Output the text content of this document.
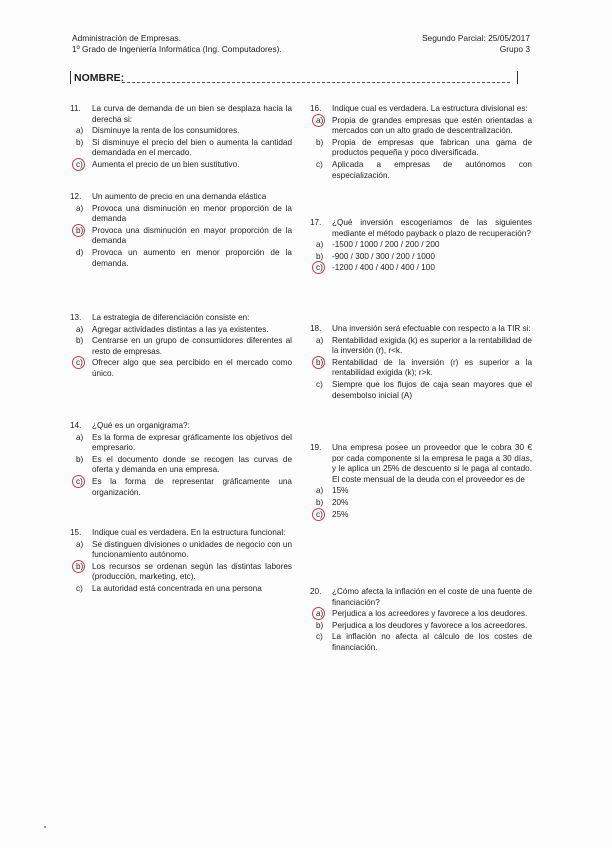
Administración de Empresas.
1º Grado de Ingeniería Informática (Ing. Computadores).
Segundo Parcial: 25/05/2017
Grupo 3
NOMBRE:
11.	La curva de demanda de un bien se desplaza hacia la derecha si:
a)	Disminuye la renta de los consumidores.
b)	Si disminuye el precio del bien o aumenta la cantidad demandada en el mercado.
c)	Aumenta el precio de un bien sustitutivo.
12.	Un aumento de precio en una demanda elástica
a)	Provoca una disminución en menor proporción de la demanda
b)	Provoca una disminución en mayor proporción de la demanda
d)	Provoca un aumento en menor proporción de la demanda.
13.	La estrategia de diferenciación consiste en:
a)	Agregar actividades distintas a las ya existentes.
b)	Centrarse en un grupo de consumidores diferentes al resto de empresas.
c)	Ofrecer algo que sea percibido en el mercado como único.
14.	¿Qué es un organigrama?:
a)	Es la forma de expresar gráficamente los objetivos del empresario.
b)	Es el documento donde se recogen las curvas de oferta y demanda en una empresa.
c)	Es la forma de representar gráficamente una organización.
15.	Indique cual es verdadera. En la estructura funcional:
a)	Se distinguen divisiones o unidades de negocio con un funcionamiento autónomo.
b)	Los recursos se ordenan según las distintas labores (producción, marketing, etc).
c)	La autoridad está concentrada en una persona
16.	Indique cual es verdadera. La estructura divisional es:
a)	Propia de grandes empresas que estén orientadas a mercados con un alto grado de descentralización.
b)	Propia de empresas que fabrican una gama de productos pequeña y poco diversificada.
c)	Aplicada a empresas de autónomos con especialización.
17.	¿Qué inversión escogeríamos de las siguientes mediante el método payback o plazo de recuperación?
a)	-1500 / 1000 / 200 / 200 / 200
b)	-900 / 300 / 300 / 200 / 1000
c)	-1200 / 400 / 400 / 400 / 100
18.	Una inversión será efectuable con respecto a la TIR si:
a)	Rentabilidad exigida (k) es superior a la rentabilidad de la inversión (r), r<k.
b)	Rentabilidad de la inversión (r) es superior a la rentabilidad exigida (k); r>k.
c)	Siempre que los flujos de caja sean mayores que el desembolso inicial (A)
19.	Una empresa posee un proveedor que le cobra 30 € por cada componente si la empresa le paga a 30 días, y le aplica un 25% de descuento si le paga al contado. El coste mensual de la deuda con el proveedor es de
a)	15%
b)	20%
c)	25%
20.	¿Cómo afecta la inflación en el coste de una fuente de financiación?
a)	Perjudica a los acreedores y favorece a los deudores.
b)	Perjudica a los deudores y favorece a los acreedores.
c)	La inflación no afecta al cálculo de los costes de financiación.
